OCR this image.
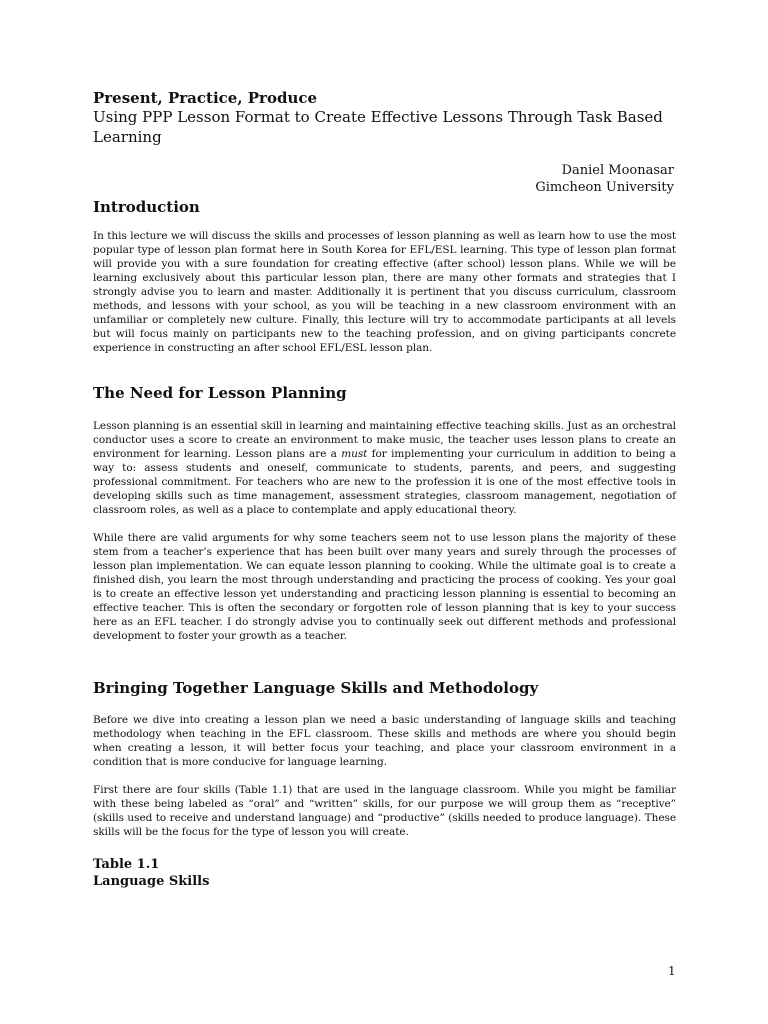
Present, Practice, Produce
Using PPP Lesson Format to Create Effective Lessons Through Task Based
Learning
Daniel Moonasar
Gimcheon University
Introduction

In this lecture we will discuss the skills and processes of lesson planning as well as learn how to use the most popular type of lesson plan format here in South Korea for EFL/ESL learning. This type of lesson plan format will provide you with a sure foundation for creating effective (after school) lesson plans. While we will be learning exclusively about this particular lesson plan, there are many other formats and strategies that I strongly advise you to learn and master. Additionally it is pertinent that you discuss curriculum, classroom methods, and lessons with your school, as you will be teaching in a new classroom environment with an unfamiliar or completely new culture. Finally, this lecture will try to accommodate participants at all levels but will focus mainly on participants new to the teaching profession, and on giving participants concrete experience in constructing an after school EFL/ESL lesson plan.

The Need for Lesson Planning

Lesson planning is an essential skill in learning and maintaining effective teaching skills. Just as an orchestral conductor uses a score to create an environment to make music, the teacher uses lesson plans to create an environment for learning. Lesson plans are a must for implementing your curriculum in addition to being a way to: assess students and oneself, communicate to students, parents, and peers, and suggesting professional commitment. For teachers who are new to the profession it is one of the most effective tools in developing skills such as time management, assessment strategies, classroom management, negotiation of classroom roles, as well as a place to contemplate and apply educational theory.

While there are valid arguments for why some teachers seem not to use lesson plans the majority of these stem from a teacher’s experience that has been built over many years and surely through the processes of lesson plan implementation. We can equate lesson planning to cooking. While the ultimate goal is to create a finished dish, you learn the most through understanding and practicing the process of cooking. Yes your goal is to create an effective lesson yet understanding and practicing lesson planning is essential to becoming an effective teacher. This is often the secondary or forgotten role of lesson planning that is key to your success here as an EFL teacher. I do strongly advise you to continually seek out different methods and professional development to foster your growth as a teacher.

Bringing Together Language Skills and Methodology

Before we dive into creating a lesson plan we need a basic understanding of language skills and teaching methodology when teaching in the EFL classroom. These skills and methods are where you should begin when creating a lesson, it will better focus your teaching, and place your classroom environment in a condition that is more conducive for language learning.

First there are four skills (Table 1.1) that are used in the language classroom. While you might be familiar with these being labeled as “oral” and “written” skills, for our purpose we will group them as “receptive” (skills used to receive and understand language) and “productive” (skills needed to produce language). These skills will be the focus for the type of lesson you will create.

Table 1.1
Language Skills
1
